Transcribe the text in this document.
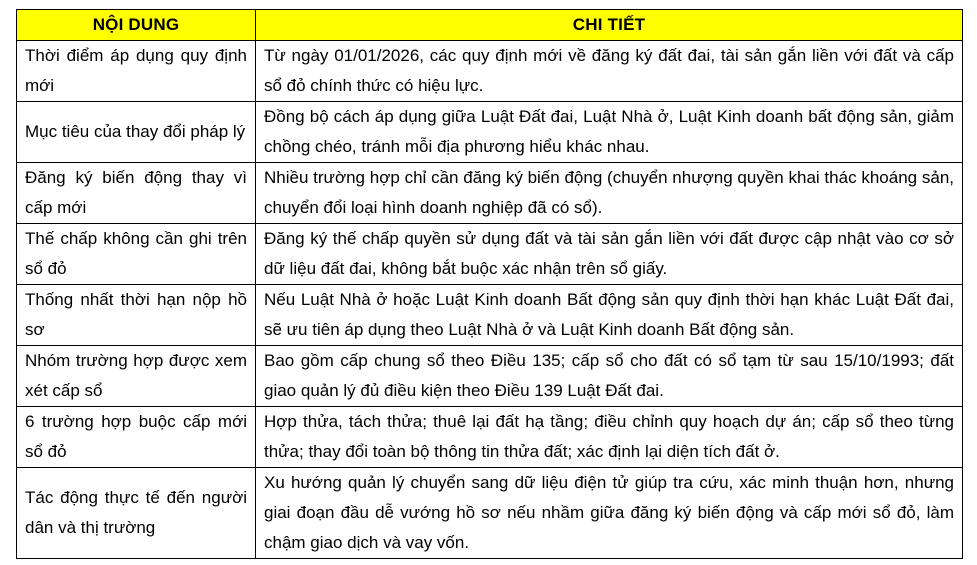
NỘI DUNG	CHI TIẾT
Thời điểm áp dụng quy định mới	Từ ngày 01/01/2026, các quy định mới về đăng ký đất đai, tài sản gắn liền với đất và cấp sổ đỏ chính thức có hiệu lực.
Mục tiêu của thay đổi pháp lý	Đồng bộ cách áp dụng giữa Luật Đất đai, Luật Nhà ở, Luật Kinh doanh bất động sản, giảm chồng chéo, tránh mỗi địa phương hiểu khác nhau.
Đăng ký biến động thay vì cấp mới	Nhiều trường hợp chỉ cần đăng ký biến động (chuyển nhượng quyền khai thác khoáng sản, chuyển đổi loại hình doanh nghiệp đã có sổ).
Thế chấp không cần ghi trên sổ đỏ	Đăng ký thế chấp quyền sử dụng đất và tài sản gắn liền với đất được cập nhật vào cơ sở dữ liệu đất đai, không bắt buộc xác nhận trên sổ giấy.
Thống nhất thời hạn nộp hồ sơ	Nếu Luật Nhà ở hoặc Luật Kinh doanh Bất động sản quy định thời hạn khác Luật Đất đai, sẽ ưu tiên áp dụng theo Luật Nhà ở và Luật Kinh doanh Bất động sản.
Nhóm trường hợp được xem xét cấp sổ	Bao gồm cấp chung sổ theo Điều 135; cấp sổ cho đất có sổ tạm từ sau 15/10/1993; đất giao quản lý đủ điều kiện theo Điều 139 Luật Đất đai.
6 trường hợp buộc cấp mới sổ đỏ	Hợp thửa, tách thửa; thuê lại đất hạ tầng; điều chỉnh quy hoạch dự án; cấp sổ theo từng thửa; thay đổi toàn bộ thông tin thửa đất; xác định lại diện tích đất ở.
Tác động thực tế đến người dân và thị trường	Xu hướng quản lý chuyển sang dữ liệu điện tử giúp tra cứu, xác minh thuận hơn, nhưng giai đoạn đầu dễ vướng hồ sơ nếu nhầm giữa đăng ký biến động và cấp mới sổ đỏ, làm chậm giao dịch và vay vốn.
